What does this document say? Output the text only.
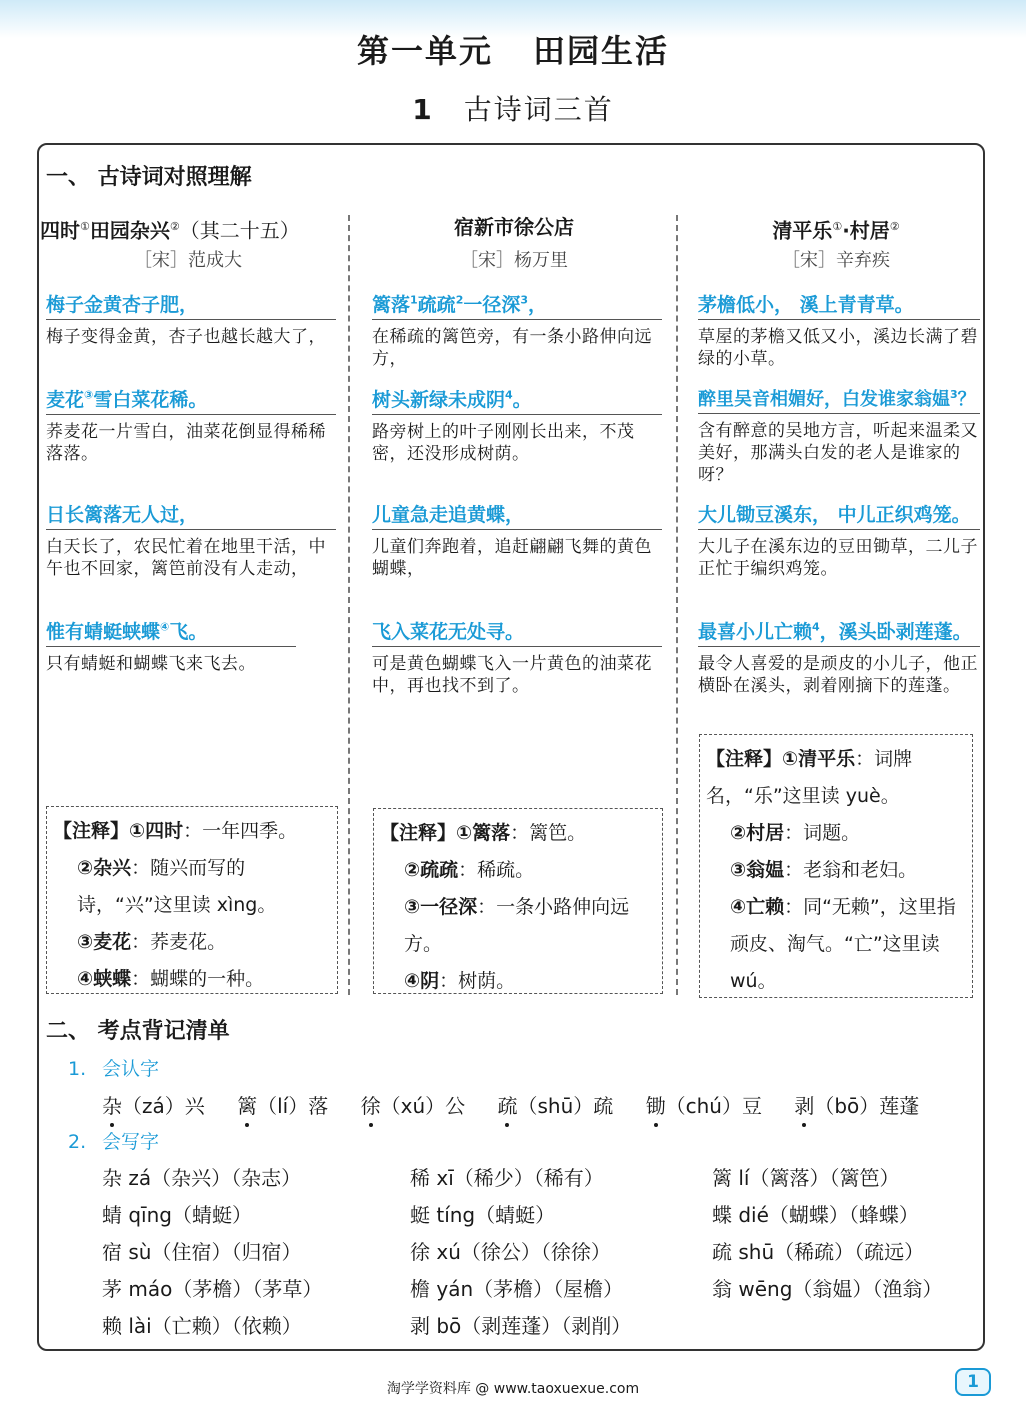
第一单元 田园生活
1 古诗词三首
一、 古诗词对照理解
四时①田园杂兴②（其二十五）
［宋］范成大
梅子金黄杏子肥，
梅子变得金黄，杏子也越长越大了，
麦花③雪白菜花稀。
荞麦花一片雪白，油菜花倒显得稀稀落落。
日长篱落无人过，
白天长了，农民忙着在地里干活，中午也不回家，篱笆前没有人走动，
惟有蜻蜓蛱蝶④飞。
只有蜻蜓和蝴蝶飞来飞去。
【注释】①四时：一年四季。
②杂兴：随兴而写的诗，“兴”这里读 xìng。
③麦花：荞麦花。
④蛱蝶：蝴蝶的一种。
宿新市徐公店
［宋］杨万里
篱落$^1$疏疏$^2$一径深$^3$，
在稀疏的篱笆旁，有一条小路伸向远方，
树头新绿未成阴$^4$。
路旁树上的叶子刚刚长出来，不茂密，还没形成树荫。
儿童急走追黄蝶，
儿童们奔跑着，追赶翩翩飞舞的黄色蝴蝶，
飞入菜花无处寻。
可是黄色蝴蝶飞入一片黄色的油菜花中，再也找不到了。
【注释】①篱落：篱笆。
②疏疏：稀疏。
③一径深：一条小路伸向远方。
④阴：树荫。
清平乐①·村居②
［宋］辛弃疾
茅檐低小， 溪上青青草。
草屋的茅檐又低又小，溪边长满了碧绿的小草。
醉里吴音相媚好，白发谁家翁媪$^3$？
含有醉意的吴地方言，听起来温柔又美好，那满头白发的老人是谁家的呀？
大儿锄豆溪东， 中儿正织鸡笼。
大儿子在溪东边的豆田锄草，二儿子正忙于编织鸡笼。
最喜小儿亡赖$^4$，溪头卧剥莲蓬。
最令人喜爱的是顽皮的小儿子，他正横卧在溪头，剥着刚摘下的莲蓬。
【注释】①清平乐：词牌名，“乐”这里读 yuè。
②村居：词题。
③翁媪：老翁和老妇。
④亡赖：同“无赖”，这里指顽皮、淘气。“亡”这里读 wú。
二、 考点背记清单
1. 会认字
杂（zá）兴 篱（lí）落 徐（xú）公 疏（shū）疏 锄（chú）豆 剥（bō）莲蓬
2. 会写字
杂 zá（杂兴）（杂志）	稀 xī（稀少）（稀有）	篱 lí（篱落）（篱笆）
蜻 qīng（蜻蜓）	蜓 tíng（蜻蜓）	蝶 dié（蝴蝶）（蜂蝶）
宿 sù（住宿）（归宿）	徐 xú（徐公）（徐徐）	疏 shū（稀疏）（疏远）
茅 máo（茅檐）（茅草）	檐 yán（茅檐）（屋檐）	翁 wēng（翁媪）（渔翁）
赖 lài（亡赖）（依赖）	剥 bō（剥莲蓬）（剥削）
淘学学资料库 @ www.taoxuexue.com	1
